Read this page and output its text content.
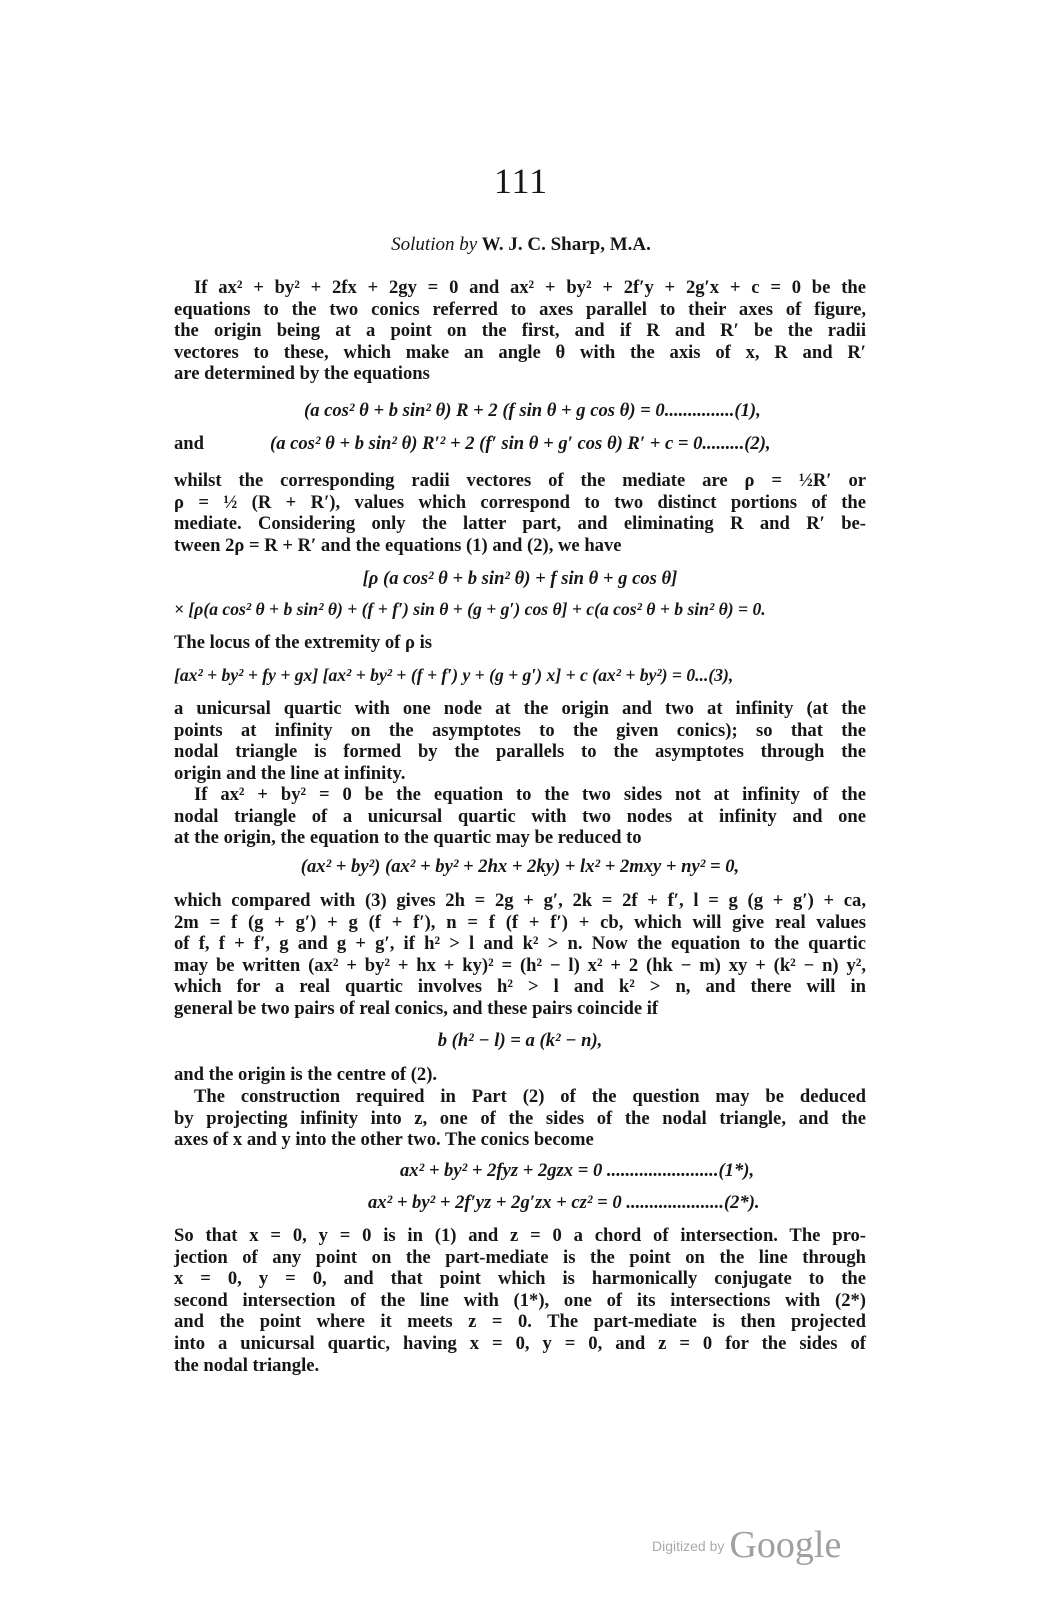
111
Solution by W. J. C. Sharp, M.A.
If ax² + by² + 2fx + 2gy = 0 and ax² + by² + 2f′y + 2g′x + c = 0 be the
equations to the two conics referred to axes parallel to their axes of figure,
the origin being at a point on the first, and if R and R′ be the radii
vectores to these, which make an angle θ with the axis of x, R and R′
are determined by the equations
(a cos² θ + b sin² θ) R + 2 (f sin θ + g cos θ) = 0...............(1),
and	(a cos² θ + b sin² θ) R′² + 2 (f′ sin θ + g′ cos θ) R′ + c = 0.........(2),
whilst the corresponding radii vectores of the mediate are ρ = ½R′ or
ρ = ½ (R + R′), values which correspond to two distinct portions of the
mediate. Considering only the latter part, and eliminating R and R′ be-
tween 2ρ = R + R′ and the equations (1) and (2), we have
[ρ (a cos² θ + b sin² θ) + f sin θ + g cos θ]
× [ρ(a cos² θ + b sin² θ) + (f + f′) sin θ + (g + g′) cos θ] + c(a cos² θ + b sin² θ) = 0.
The locus of the extremity of ρ is
[ax² + by² + fy + gx] [ax² + by² + (f + f′) y + (g + g′) x] + c (ax² + by²) = 0...(3),
a unicursal quartic with one node at the origin and two at infinity (at the
points at infinity on the asymptotes to the given conics); so that the
nodal triangle is formed by the parallels to the asymptotes through the
origin and the line at infinity.
If ax² + by² = 0 be the equation to the two sides not at infinity of the
nodal triangle of a unicursal quartic with two nodes at infinity and one
at the origin, the equation to the quartic may be reduced to
(ax² + by²) (ax² + by² + 2hx + 2ky) + lx² + 2mxy + ny² = 0,
which compared with (3) gives 2h = 2g + g′, 2k = 2f + f′, l = g (g + g′) + ca,
2m = f (g + g′) + g (f + f′), n = f (f + f′) + cb, which will give real values
of f, f + f′, g and g + g′, if h² > l and k² > n. Now the equation to the quartic
may be written (ax² + by² + hx + ky)² = (h² − l) x² + 2 (hk − m) xy + (k² − n) y²,
which for a real quartic involves h² > l and k² > n, and there will in
general be two pairs of real conics, and these pairs coincide if
b (h² − l) = a (k² − n),
and the origin is the centre of (2).
The construction required in Part (2) of the question may be deduced
by projecting infinity into z, one of the sides of the nodal triangle, and the
axes of x and y into the other two. The conics become
ax² + by² + 2fyz + 2gzx = 0 ........................(1*),
ax² + by² + 2f′yz + 2g′zx + cz² = 0 .....................(2*).
So that x = 0, y = 0 is in (1) and z = 0 a chord of intersection. The pro-
jection of any point on the part-mediate is the point on the line through
x = 0, y = 0, and that point which is harmonically conjugate to the
second intersection of the line with (1*), one of its intersections with (2*)
and the point where it meets z = 0. The part-mediate is then projected
into a unicursal quartic, having x = 0, y = 0, and z = 0 for the sides of
the nodal triangle.
Digitized by Google
